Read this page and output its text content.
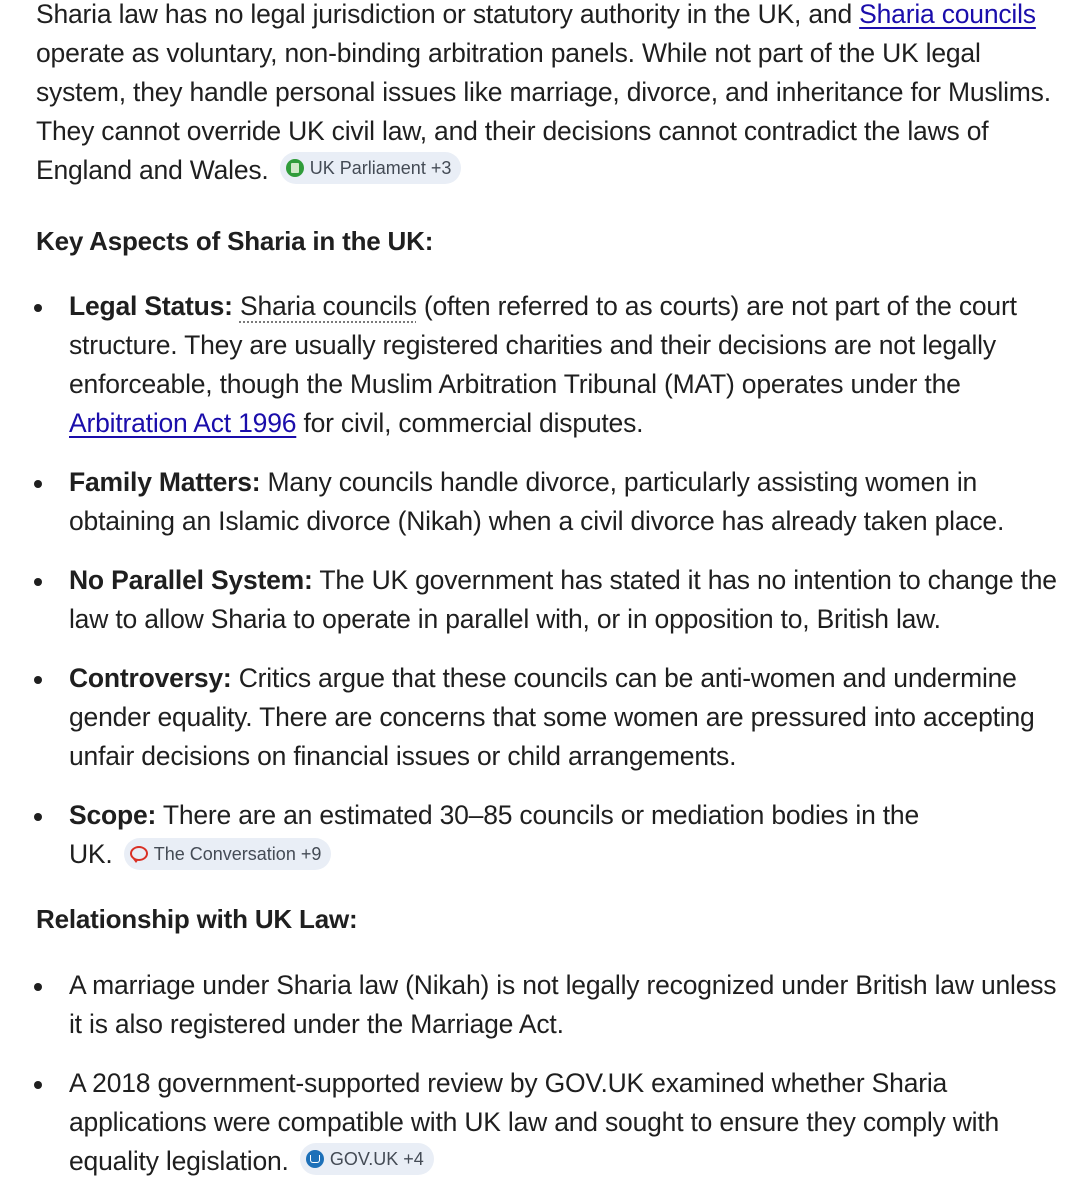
Sharia law has no legal jurisdiction or statutory authority in the UK, and Sharia councils operate as voluntary, non-binding arbitration panels. While not part of the UK legal system, they handle personal issues like marriage, divorce, and inheritance for Muslims. They cannot override UK civil law, and their decisions cannot contradict the laws of England and Wales. UK Parliament +3

Key Aspects of Sharia in the UK:
Legal Status: Sharia councils (often referred to as courts) are not part of the court structure. They are usually registered charities and their decisions are not legally enforceable, though the Muslim Arbitration Tribunal (MAT) operates under the Arbitration Act 1996 for civil, commercial disputes.
Family Matters: Many councils handle divorce, particularly assisting women in obtaining an Islamic divorce (Nikah) when a civil divorce has already taken place.
No Parallel System: The UK government has stated it has no intention to change the law to allow Sharia to operate in parallel with, or in opposition to, British law.
Controversy: Critics argue that these councils can be anti-women and undermine gender equality. There are concerns that some women are pressured into accepting unfair decisions on financial issues or child arrangements.
Scope: There are an estimated 30–85 councils or mediation bodies in the UK. The Conversation +9
Relationship with UK Law:
A marriage under Sharia law (Nikah) is not legally recognized under British law unless it is also registered under the Marriage Act.
A 2018 government-supported review by GOV.UK examined whether Sharia applications were compatible with UK law and sought to ensure they comply with equality legislation. GOV.UK +4
